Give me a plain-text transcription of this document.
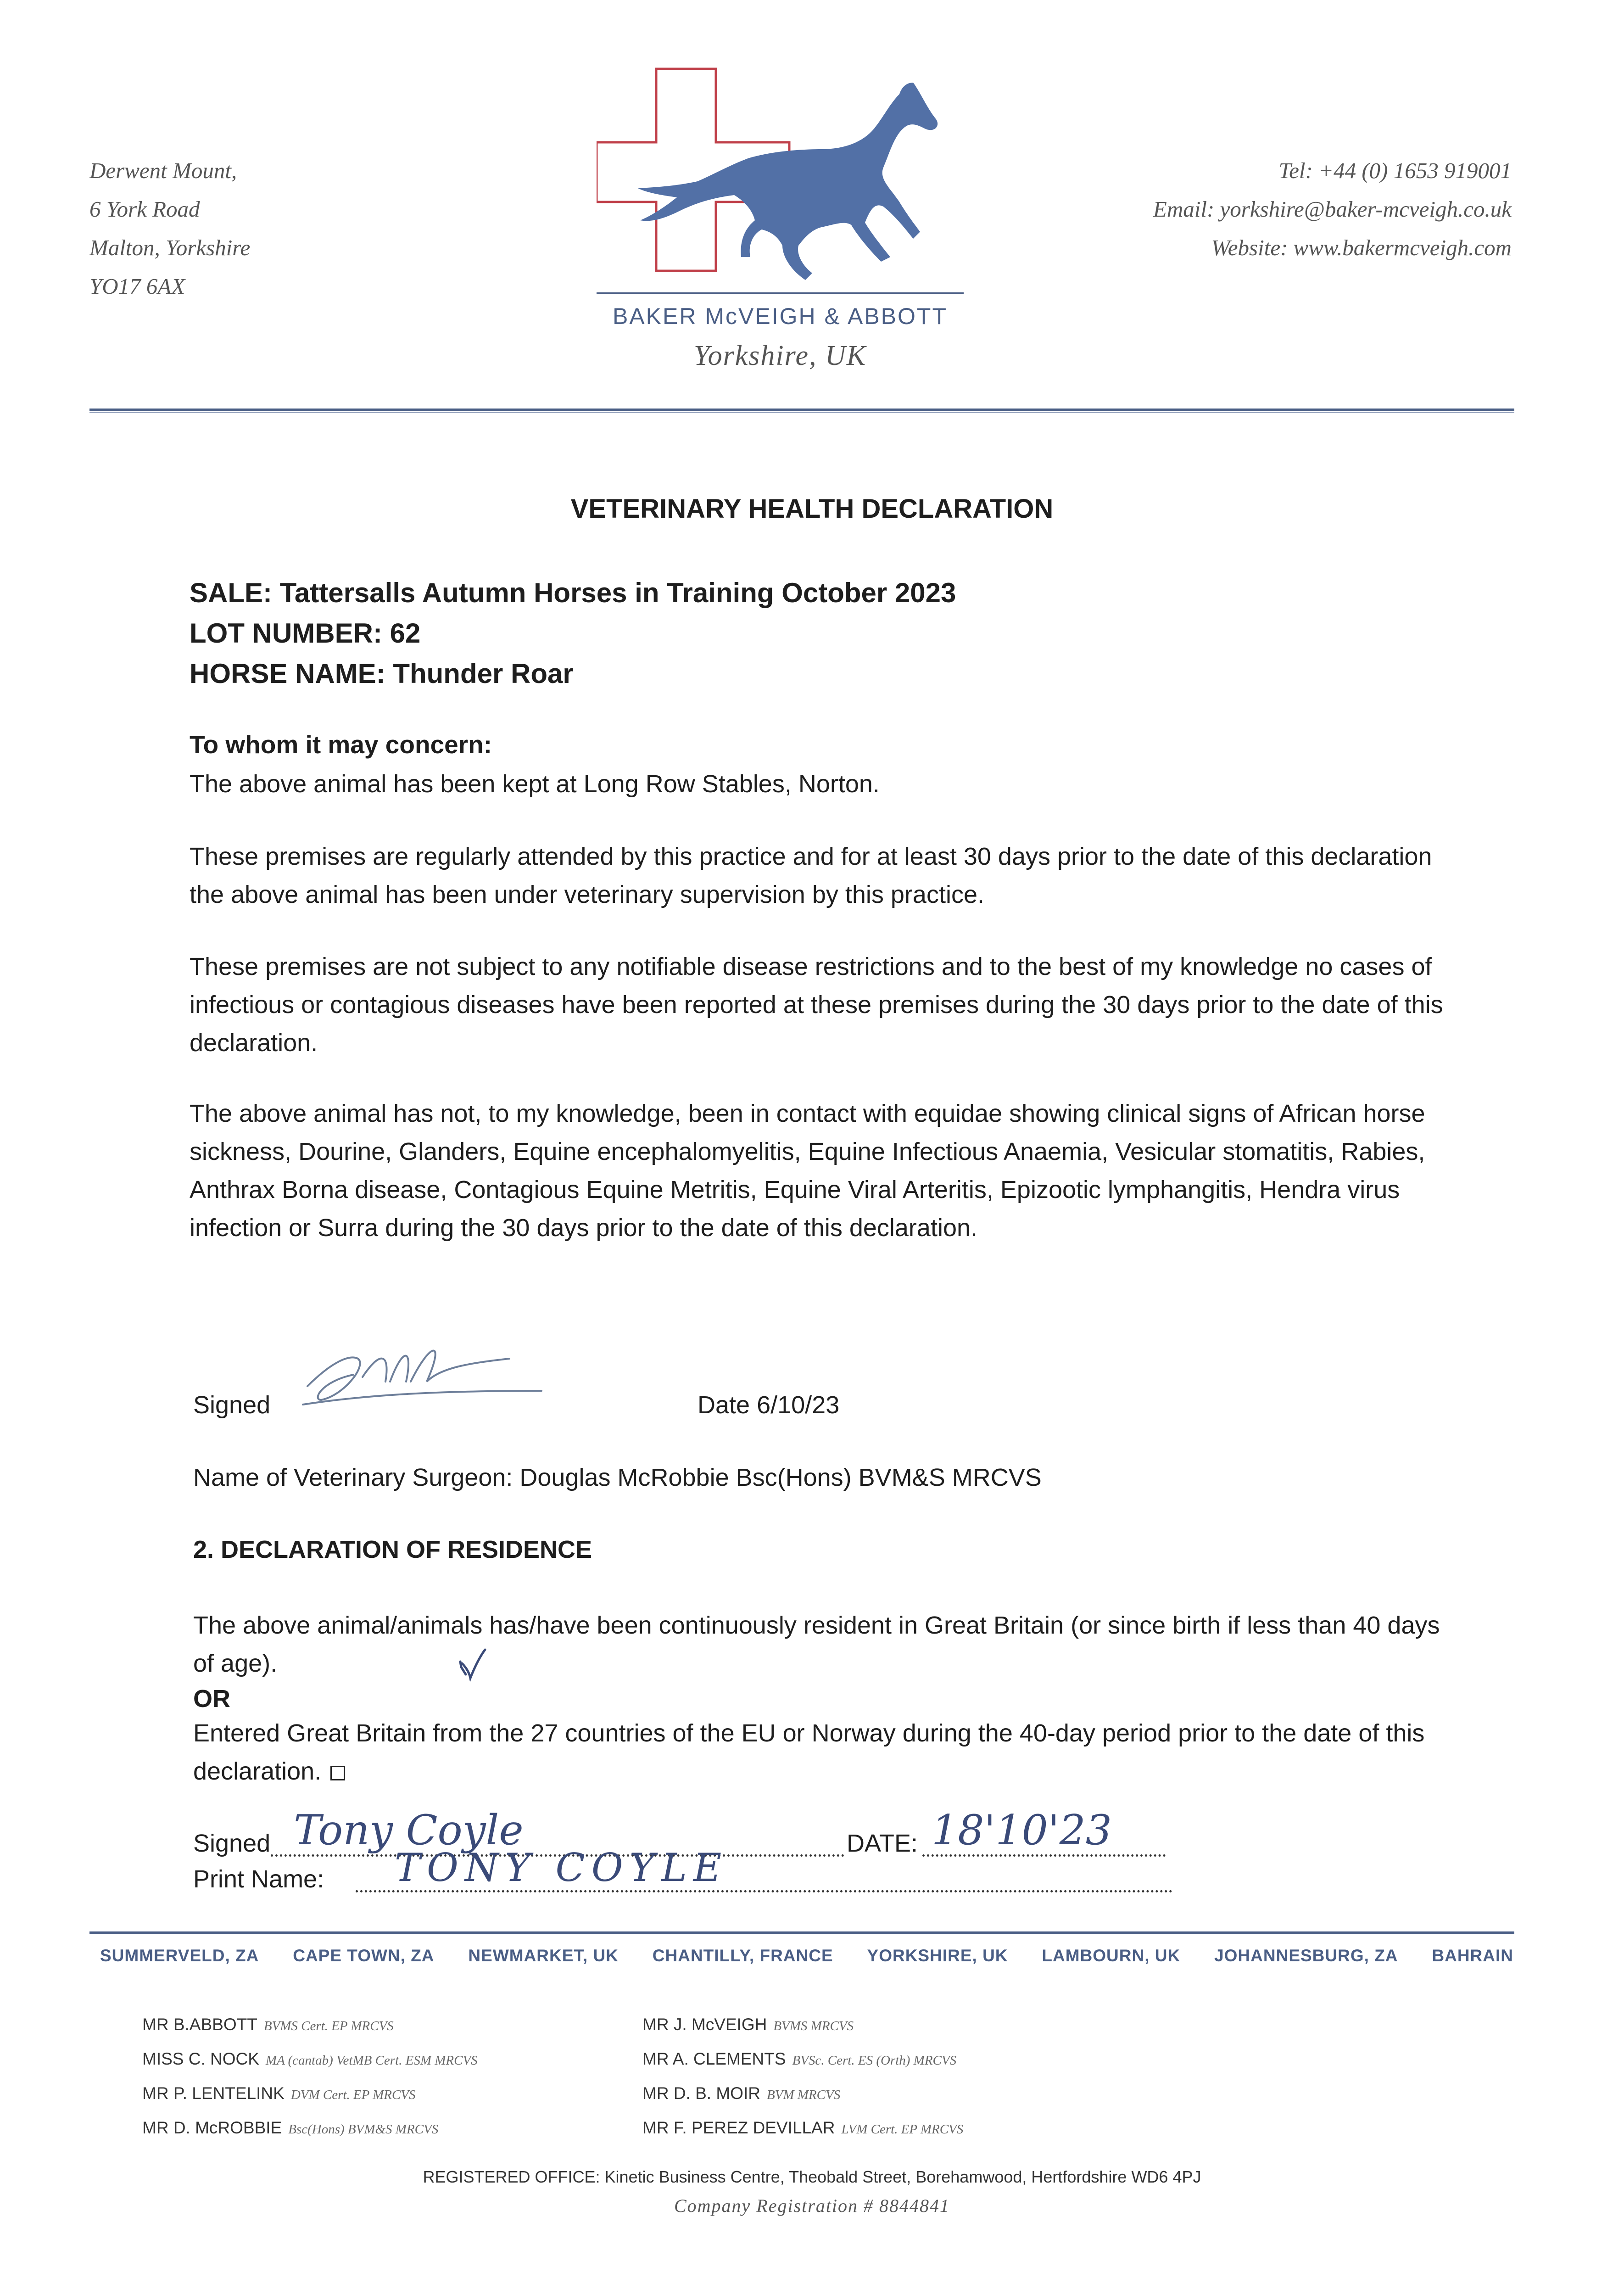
Derwent Mount,
6 York Road
Malton, Yorkshire
YO17 6AX
Tel: +44 (0) 1653 919001
Email: yorkshire@baker-mcveigh.co.uk
Website: www.bakermcveigh.com
BAKER McVEIGH & ABBOTT
Yorkshire, UK
VETERINARY HEALTH DECLARATION
SALE: Tattersalls Autumn Horses in Training October 2023
LOT NUMBER: 62
HORSE NAME: Thunder Roar
To whom it may concern:
The above animal has been kept at Long Row Stables, Norton.
These premises are regularly attended by this practice and for at least 30 days prior to the date of this declaration the above animal has been under veterinary supervision by this practice.
These premises are not subject to any notifiable disease restrictions and to the best of my knowledge no cases of infectious or contagious diseases have been reported at these premises during the 30 days prior to the date of this declaration.
The above animal has not, to my knowledge, been in contact with equidae showing clinical signs of African horse sickness, Dourine, Glanders, Equine encephalomyelitis, Equine Infectious Anaemia, Vesicular stomatitis, Rabies, Anthrax Borna disease, Contagious Equine Metritis, Equine Viral Arteritis, Epizootic lymphangitis, Hendra virus infection or Surra during the 30 days prior to the date of this declaration.
Signed	Date 6/10/23
Name of Veterinary Surgeon: Douglas McRobbie Bsc(Hons) BVM&S MRCVS
2. DECLARATION OF RESIDENCE
The above animal/animals has/have been continuously resident in Great Britain (or since birth if less than 40 days of age).
OR
Entered Great Britain from the 27 countries of the EU or Norway during the 40-day period prior to the date of this declaration.
Signed Tony Coyle	DATE: 18'10'23
Print Name: TONY COYLE
SUMMERVELD, ZA CAPE TOWN, ZA NEWMARKET, UK CHANTILLY, FRANCE YORKSHIRE, UK LAMBOURN, UK JOHANNESBURG, ZA BAHRAIN
MR B.ABBOTT BVMS Cert. EP MRCVS
MISS C. NOCK MA (cantab) VetMB Cert. ESM MRCVS
MR P. LENTELINK DVM Cert. EP MRCVS
MR D. McROBBIE Bsc(Hons) BVM&S MRCVS
MR J. McVEIGH BVMS MRCVS
MR A. CLEMENTS BVSc. Cert. ES (Orth) MRCVS
MR D. B. MOIR BVM MRCVS
MR F. PEREZ DEVILLAR LVM Cert. EP MRCVS
REGISTERED OFFICE: Kinetic Business Centre, Theobald Street, Borehamwood, Hertfordshire WD6 4PJ
Company Registration # 8844841
